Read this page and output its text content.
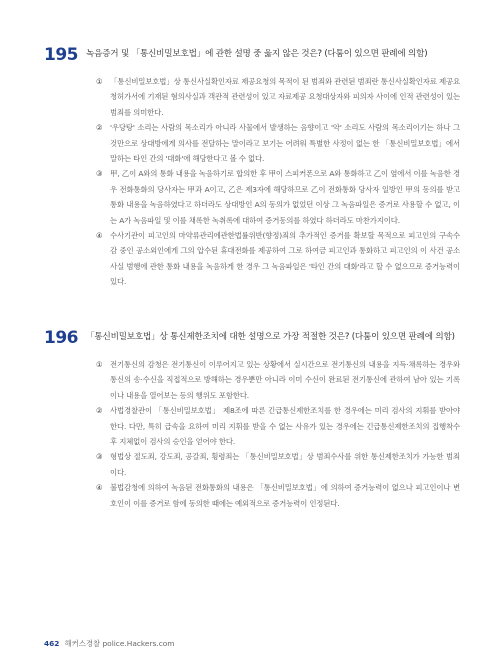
195 녹음증거 및 「통신비밀보호법」에 관한 설명 중 옳지 않은 것은? (다툼이 있으면 판례에 의함)
①	「통신비밀보호법」상 통신사실확인자료 제공요청의 목적이 된 범죄와 관련된 범죄란 통신사실확인자료 제공요청허가서에 기재된 혐의사실과 객관적 관련성이 있고 자료제공 요청대상자와 피의자 사이에 인적 관련성이 있는 범죄를 의미한다.
②	'우당탕' 소리는 사람의 목소리가 아니라 사물에서 발생하는 음향이고 '악' 소리도 사람의 목소리이기는 하나 그것만으로 상대방에게 의사를 전달하는 말이라고 보기는 어려워 특별한 사정이 없는 한 「통신비밀보호법」에서 말하는 타인 간의 '대화'에 해당한다고 볼 수 없다.
③	甲, 乙이 A와의 통화 내용을 녹음하기로 합의한 후 甲이 스피커폰으로 A와 통화하고 乙이 옆에서 이를 녹음한 경우 전화통화의 당사자는 甲과 A이고, 乙은 제3자에 해당하므로 乙이 전화통화 당사자 일방인 甲의 동의를 받고 통화 내용을 녹음하였다고 하더라도 상대방인 A의 동의가 없었던 이상 그 녹음파일은 증거로 사용할 수 없고, 이는 A가 녹음파일 및 이를 채록한 녹취록에 대하여 증거동의를 하였다 하더라도 마찬가지이다.
④	수사기관이 피고인의 마약류관리에관한법률위반(향정)죄의 추가적인 증거를 확보할 목적으로 피고인의 구속수감 중인 공소외인에게 그의 압수된 휴대전화를 제공하여 그로 하여금 피고인과 통화하고 피고인의 이 사건 공소사실 범행에 관한 통화 내용을 녹음하게 한 경우 그 녹음파일은 '타인 간의 대화'라고 할 수 없으므로 증거능력이 있다.
196 「통신비밀보호법」상 통신제한조치에 대한 설명으로 가장 적절한 것은? (다툼이 있으면 판례에 의함)
①	전기통신의 감청은 전기통신이 이루어지고 있는 상황에서 실시간으로 전기통신의 내용을 지득·채록하는 경우와 통신의 송·수신을 직접적으로 방해하는 경우뿐만 아니라 이미 수신이 완료된 전기통신에 관하여 남아 있는 기록이나 내용을 열어보는 등의 행위도 포함한다.
②	사법경찰관이 「통신비밀보호법」 제8조에 따른 긴급통신제한조치를 한 경우에는 미리 검사의 지휘를 받아야 한다. 다만, 특히 급속을 요하여 미리 지휘를 받을 수 없는 사유가 있는 경우에는 긴급통신제한조치의 집행착수 후 지체없이 검사의 승인을 얻어야 한다.
③	형법상 절도죄, 강도죄, 공갈죄, 횡령죄는 「통신비밀보호법」상 범죄수사를 위한 통신제한조치가 가능한 범죄이다.
④	불법감청에 의하여 녹음된 전화통화의 내용은 「통신비밀보호법」에 의하여 증거능력이 없으나 피고인이나 변호인이 이를 증거로 함에 동의한 때에는 예외적으로 증거능력이 인정된다.
462 해커스경찰 police.Hackers.com
